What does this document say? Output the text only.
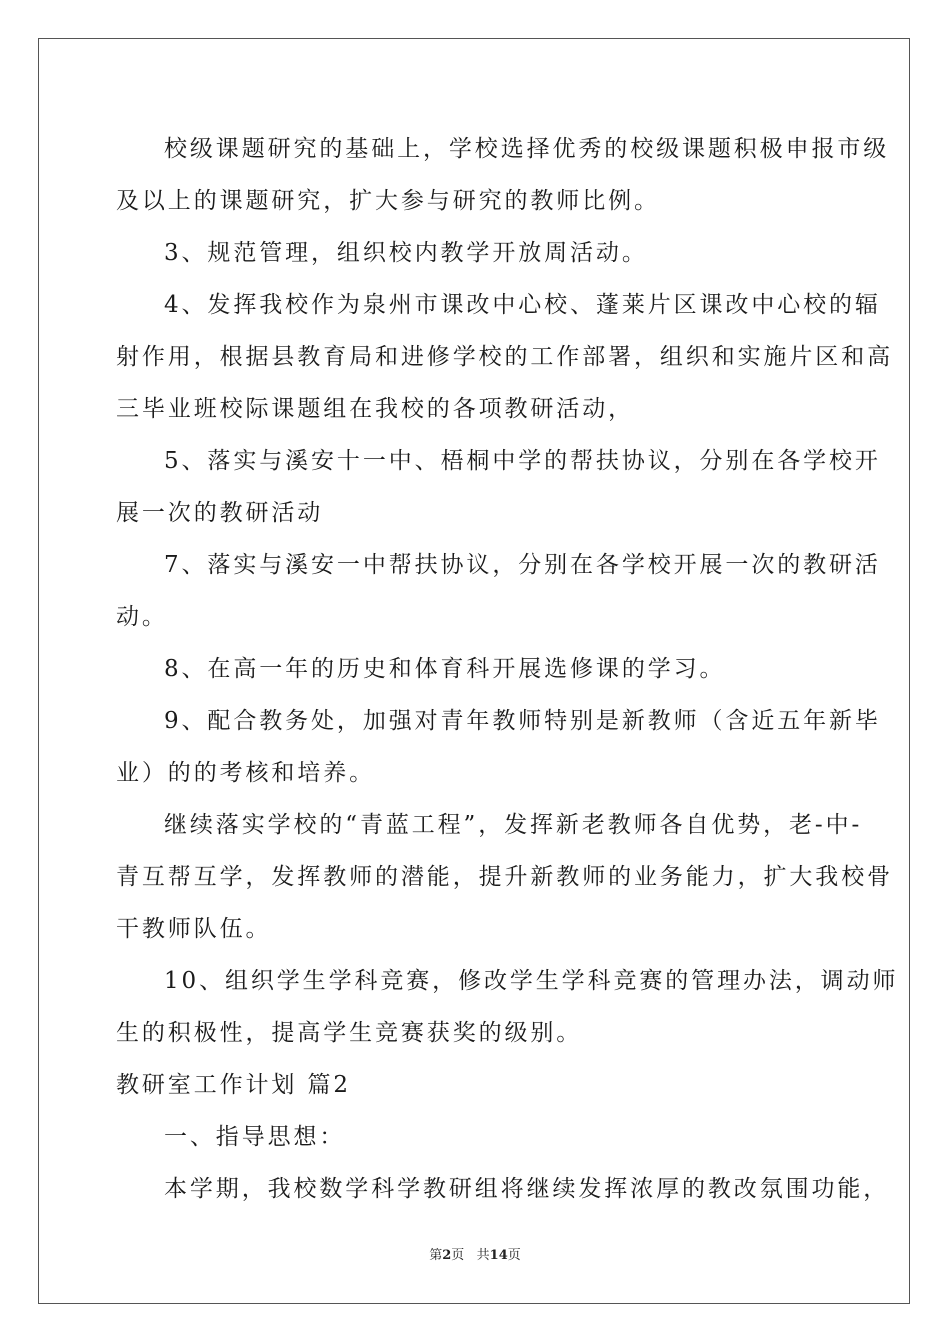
校级课题研究的基础上，学校选择优秀的校级课题积极申报市级
及以上的课题研究，扩大参与研究的教师比例。
3、规范管理，组织校内教学开放周活动。
4、发挥我校作为泉州市课改中心校、蓬莱片区课改中心校的辐
射作用，根据县教育局和进修学校的工作部署，组织和实施片区和高
三毕业班校际课题组在我校的各项教研活动，
5、落实与溪安十一中、梧桐中学的帮扶协议，分别在各学校开
展一次的教研活动
7、落实与溪安一中帮扶协议，分别在各学校开展一次的教研活
动。
8、在高一年的历史和体育科开展选修课的学习。
9、配合教务处，加强对青年教师特别是新教师（含近五年新毕
业）的的考核和培养。
继续落实学校的“青蓝工程”，发挥新老教师各自优势，老-中-
青互帮互学，发挥教师的潜能，提升新教师的业务能力，扩大我校骨
干教师队伍。
10、组织学生学科竞赛，修改学生学科竞赛的管理办法，调动师
生的积极性，提高学生竞赛获奖的级别。
教研室工作计划 篇2
一、指导思想：
本学期，我校数学科学教研组将继续发挥浓厚的教改氛围功能，
第2页   共14页
